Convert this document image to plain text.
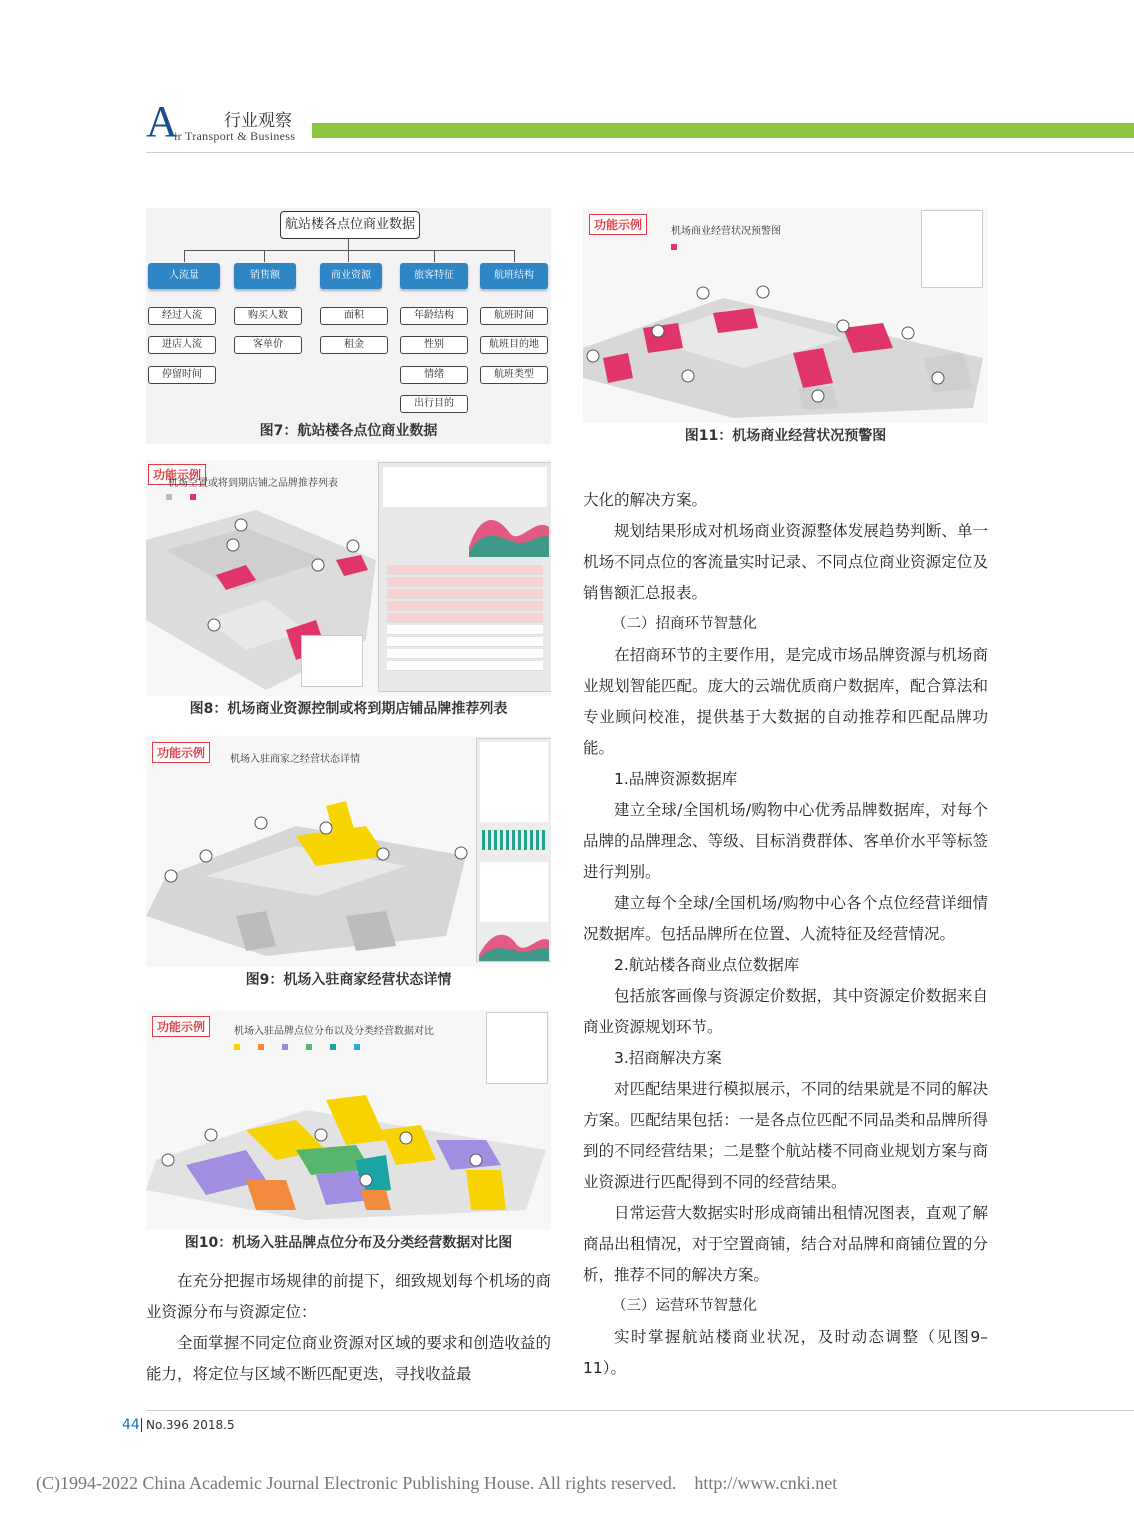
A	行业观察
ir Transport & Business
航站楼各点位商业数据
人流量	销售额	商业资源	旅客特征	航班结构
经过人流
进店人流
停留时间
购买人数
客单价
面积
租金
年龄结构
性别
情绪
出行目的
航班时间
航班目的地
航班类型
图7：航站楼各点位商业数据
功能示例
机场空置或将到期店铺之品牌推荐列表
图8：机场商业资源控制或将到期店铺品牌推荐列表
功能示例	机场入驻商家之经营状态详情
图9：机场入驻商家经营状态详情
功能示例	机场入驻品牌点位分布以及分类经营数据对比
图10：机场入驻品牌点位分布及分类经营数据对比图
功能示例	机场商业经营状况预警图
图11：机场商业经营状况预警图

在充分把握市场规律的前提下，细致规划每个机场的商业资源分布与资源定位：

全面掌握不同定位商业资源对区域的要求和创造收益的能力，将定位与区域不断匹配更迭，寻找收益最

大化的解决方案。

规划结果形成对机场商业资源整体发展趋势判断、单一机场不同点位的客流量实时记录、不同点位商业资源定位及销售额汇总报表。

（二）招商环节智慧化

在招商环节的主要作用，是完成市场品牌资源与机场商业规划智能匹配。庞大的云端优质商户数据库，配合算法和专业顾问校准，提供基于大数据的自动推荐和匹配品牌功能。

1.品牌资源数据库

建立全球/全国机场/购物中心优秀品牌数据库，对每个品牌的品牌理念、等级、目标消费群体、客单价水平等标签进行判别。

建立每个全球/全国机场/购物中心各个点位经营详细情况数据库。包括品牌所在位置、人流特征及经营情况。

2.航站楼各商业点位数据库

包括旅客画像与资源定价数据，其中资源定价数据来自商业资源规划环节。

3.招商解决方案

对匹配结果进行模拟展示，不同的结果就是不同的解决方案。匹配结果包括：一是各点位匹配不同品类和品牌所得到的不同经营结果；二是整个航站楼不同商业规划方案与商业资源进行匹配得到不同的经营结果。

日常运营大数据实时形成商铺出租情况图表，直观了解商品出租情况，对于空置商铺，结合对品牌和商铺位置的分析，推荐不同的解决方案。

（三）运营环节智慧化

实时掌握航站楼商业状况，及时动态调整（见图9–11）。

44 No.396 2018.5
(C)1994-2022 China Academic Journal Electronic Publishing House. All rights reserved.    http://www.cnki.net
